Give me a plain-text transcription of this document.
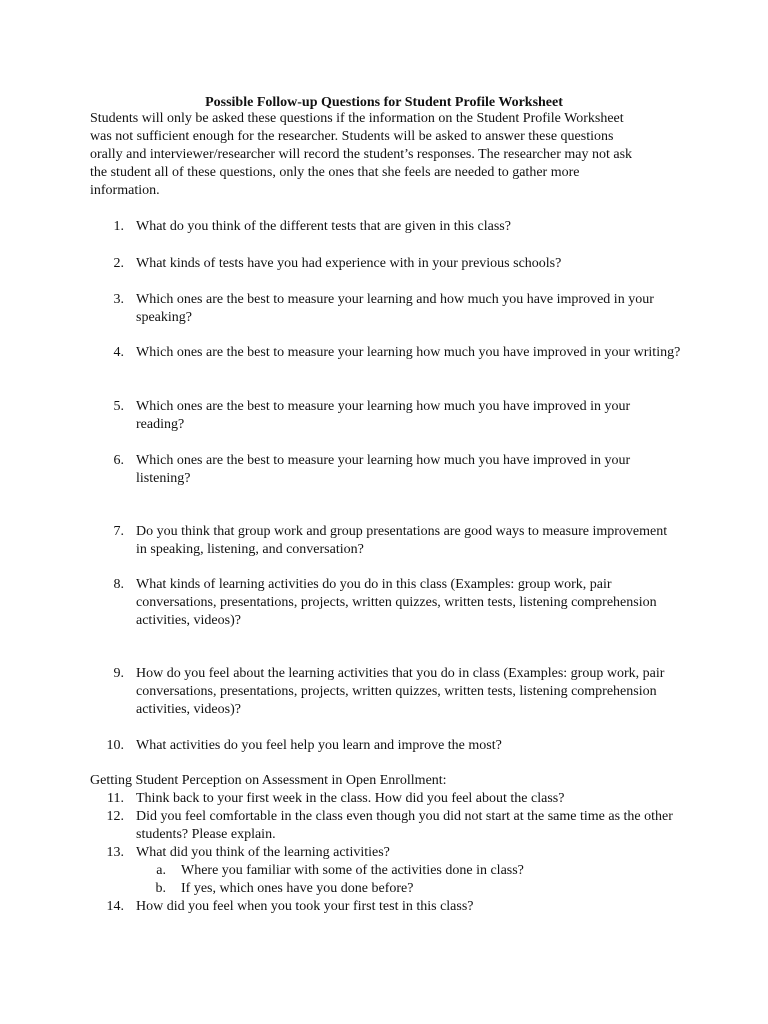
Possible Follow-up Questions for Student Profile Worksheet
Students will only be asked these questions if the information on the Student Profile Worksheet was not sufficient enough for the researcher. Students will be asked to answer these questions orally and interviewer/researcher will record the student’s responses. The researcher may not ask the student all of these questions, only the ones that she feels are needed to gather more information.
1. What do you think of the different tests that are given in this class?
2. What kinds of tests have you had experience with in your previous schools?
3. Which ones are the best to measure your learning and how much you have improved in your speaking?
4. Which ones are the best to measure your learning how much you have improved in your writing?
5. Which ones are the best to measure your learning how much you have improved in your reading?
6. Which ones are the best to measure your learning how much you have improved in your listening?
7. Do you think that group work and group presentations are good ways to measure improvement in speaking, listening, and conversation?
8. What kinds of learning activities do you do in this class (Examples: group work, pair conversations, presentations, projects, written quizzes, written tests, listening comprehension activities, videos)?
9. How do you feel about the learning activities that you do in class (Examples: group work, pair conversations, presentations, projects, written quizzes, written tests, listening comprehension activities, videos)?
10. What activities do you feel help you learn and improve the most?
Getting Student Perception on Assessment in Open Enrollment:
11. Think back to your first week in the class. How did you feel about the class?
12. Did you feel comfortable in the class even though you did not start at the same time as the other students? Please explain.
13. What did you think of the learning activities?
a. Where you familiar with some of the activities done in class?
b. If yes, which ones have you done before?
14. How did you feel when you took your first test in this class?
